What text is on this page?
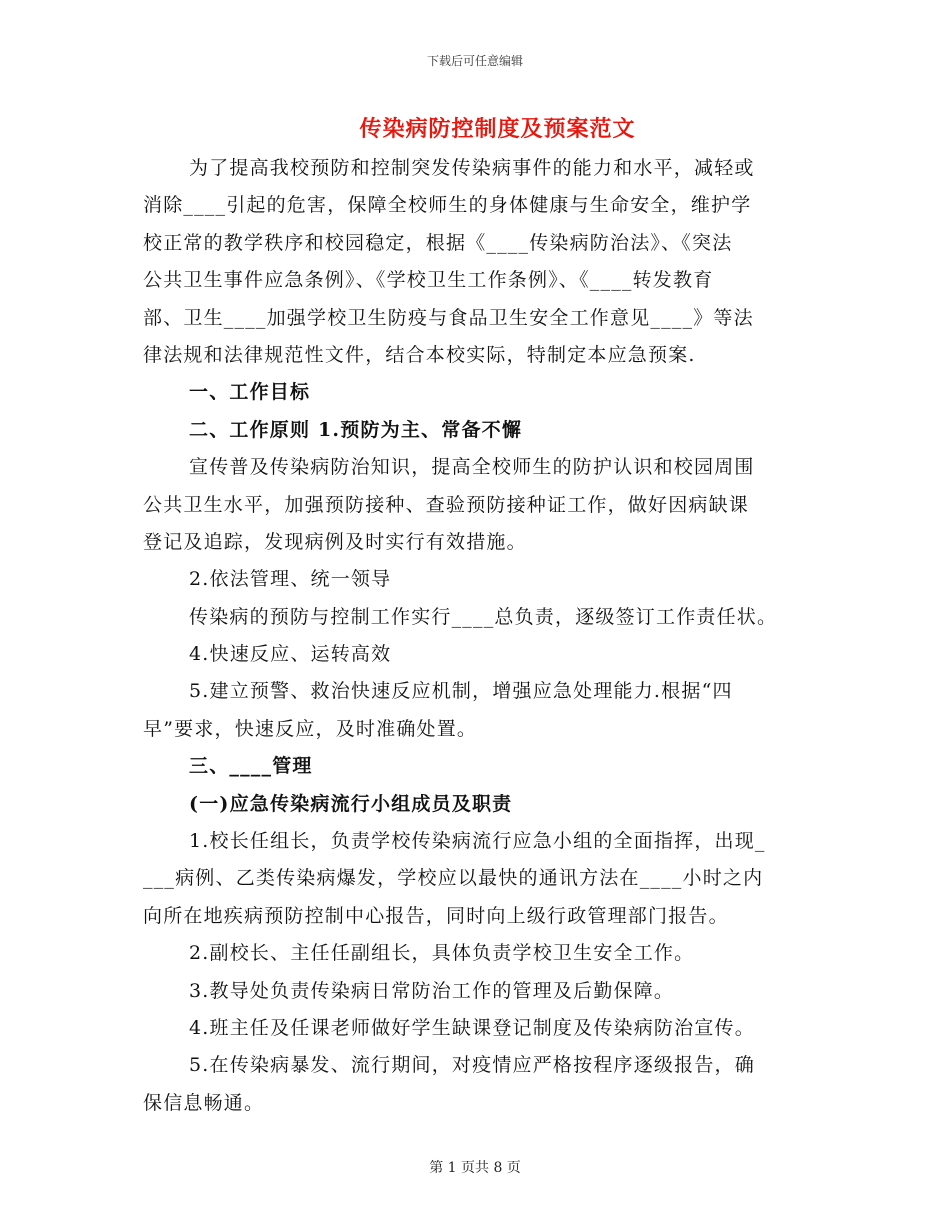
下载后可任意编辑
传染病防控制度及预案范文
为了提高我校预防和控制突发传染病事件的能力和水平，减轻或
消除____引起的危害，保障全校师生的身体健康与生命安全，维护学
校正常的教学秩序和校园稳定，根据《____传染病防治法》、《突法
公共卫生事件应急条例》、《学校卫生工作条例》、《____转发教育
部、卫生____加强学校卫生防疫与食品卫生安全工作意见____》等法
律法规和法律规范性文件，结合本校实际，特制定本应急预案.
一、工作目标
二、工作原则 1.预防为主、常备不懈
宣传普及传染病防治知识，提高全校师生的防护认识和校园周围
公共卫生水平，加强预防接种、查验预防接种证工作，做好因病缺课
登记及追踪，发现病例及时实行有效措施。
2.依法管理、统一领导
传染病的预防与控制工作实行____总负责，逐级签订工作责任状。
4.快速反应、运转高效
5.建立预警、救治快速反应机制，增强应急处理能力.根据“四
早”要求，快速反应，及时准确处置。
三、____管理
(一)应急传染病流行小组成员及职责
1.校长任组长，负责学校传染病流行应急小组的全面指挥，出现_
___病例、乙类传染病爆发，学校应以最快的通讯方法在____小时之内
向所在地疾病预防控制中心报告，同时向上级行政管理部门报告。
2.副校长、主任任副组长，具体负责学校卫生安全工作。
3.教导处负责传染病日常防治工作的管理及后勤保障。
4.班主任及任课老师做好学生缺课登记制度及传染病防治宣传。
5.在传染病暴发、流行期间，对疫情应严格按程序逐级报告，确
保信息畅通。
第 1 页共 8 页
